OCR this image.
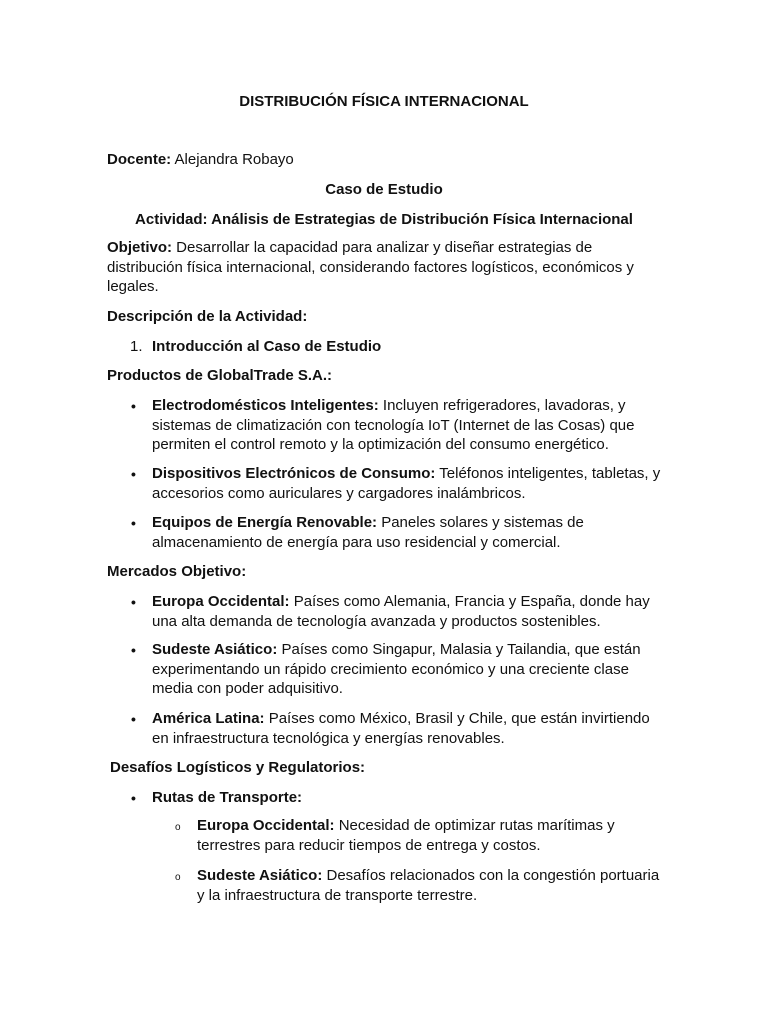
DISTRIBUCIÓN FÍSICA INTERNACIONAL
Docente: Alejandra Robayo
Caso de Estudio
Actividad: Análisis de Estrategias de Distribución Física Internacional
Objetivo: Desarrollar la capacidad para analizar y diseñar estrategias de distribución física internacional, considerando factores logísticos, económicos y legales.
Descripción de la Actividad:
1. Introducción al Caso de Estudio
Productos de GlobalTrade S.A.:
•	Electrodomésticos Inteligentes: Incluyen refrigeradores, lavadoras, y sistemas de climatización con tecnología IoT (Internet de las Cosas) que permiten el control remoto y la optimización del consumo energético.
•	Dispositivos Electrónicos de Consumo: Teléfonos inteligentes, tabletas, y accesorios como auriculares y cargadores inalámbricos.
•	Equipos de Energía Renovable: Paneles solares y sistemas de almacenamiento de energía para uso residencial y comercial.
Mercados Objetivo:
•	Europa Occidental: Países como Alemania, Francia y España, donde hay una alta demanda de tecnología avanzada y productos sostenibles.
•	Sudeste Asiático: Países como Singapur, Malasia y Tailandia, que están experimentando un rápido crecimiento económico y una creciente clase media con poder adquisitivo.
•	América Latina: Países como México, Brasil y Chile, que están invirtiendo en infraestructura tecnológica y energías renovables.
Desafíos Logísticos y Regulatorios:
•	Rutas de Transporte:
o Europa Occidental: Necesidad de optimizar rutas marítimas y terrestres para reducir tiempos de entrega y costos.
o Sudeste Asiático: Desafíos relacionados con la congestión portuaria y la infraestructura de transporte terrestre.
